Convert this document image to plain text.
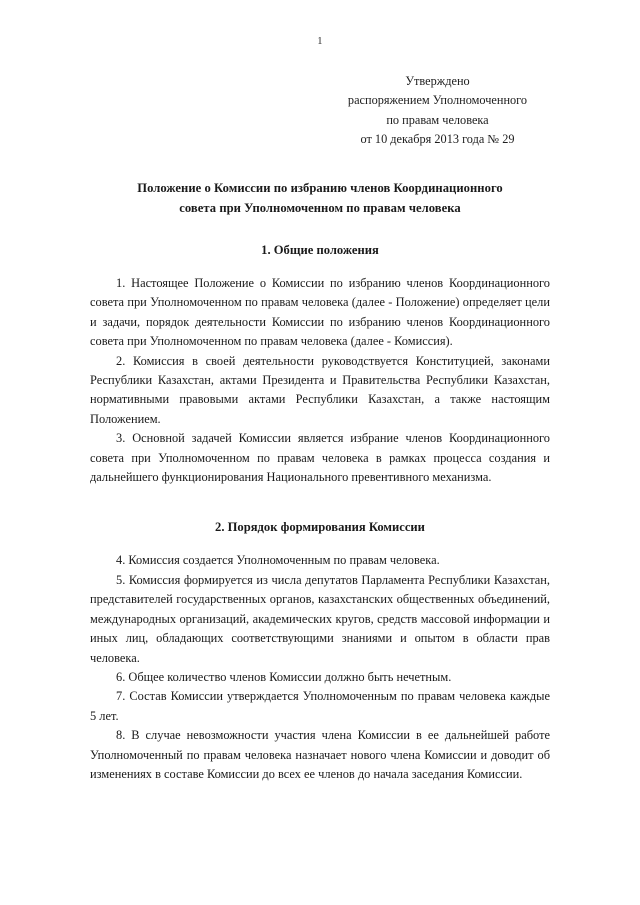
1
Утверждено
распоряжением Уполномоченного
по правам человека
от 10 декабря 2013 года № 29
Положение о Комиссии по избранию членов Координационного
совета при Уполномоченном по правам человека
1. Общие положения

1. Настоящее Положение о Комиссии по избранию членов Координационного совета при Уполномоченном по правам человека (далее - Положение) определяет цели и задачи, порядок деятельности Комиссии по избранию членов Координационного совета при Уполномоченном по правам человека (далее - Комиссия).

2. Комиссия в своей деятельности руководствуется Конституцией, законами Республики Казахстан, актами Президента и Правительства Республики Казахстан, нормативными правовыми актами Республики Казахстан, а также настоящим Положением.

3. Основной задачей Комиссии является избрание членов Координационного совета при Уполномоченном по правам человека в рамках процесса создания и дальнейшего функционирования Национального превентивного механизма.

2. Порядок формирования Комиссии

4. Комиссия создается Уполномоченным по правам человека.

5. Комиссия формируется из числа депутатов Парламента Республики Казахстан, представителей государственных органов, казахстанских общественных объединений, международных организаций, академических кругов, средств массовой информации и иных лиц, обладающих соответствующими знаниями и опытом в области прав человека.

6. Общее количество членов Комиссии должно быть нечетным.

7. Состав Комиссии утверждается Уполномоченным по правам человека каждые 5 лет.

8. В случае невозможности участия члена Комиссии в ее дальнейшей работе Уполномоченный по правам человека назначает нового члена Комиссии и доводит об изменениях в составе Комиссии до всех ее членов до начала заседания Комиссии.
